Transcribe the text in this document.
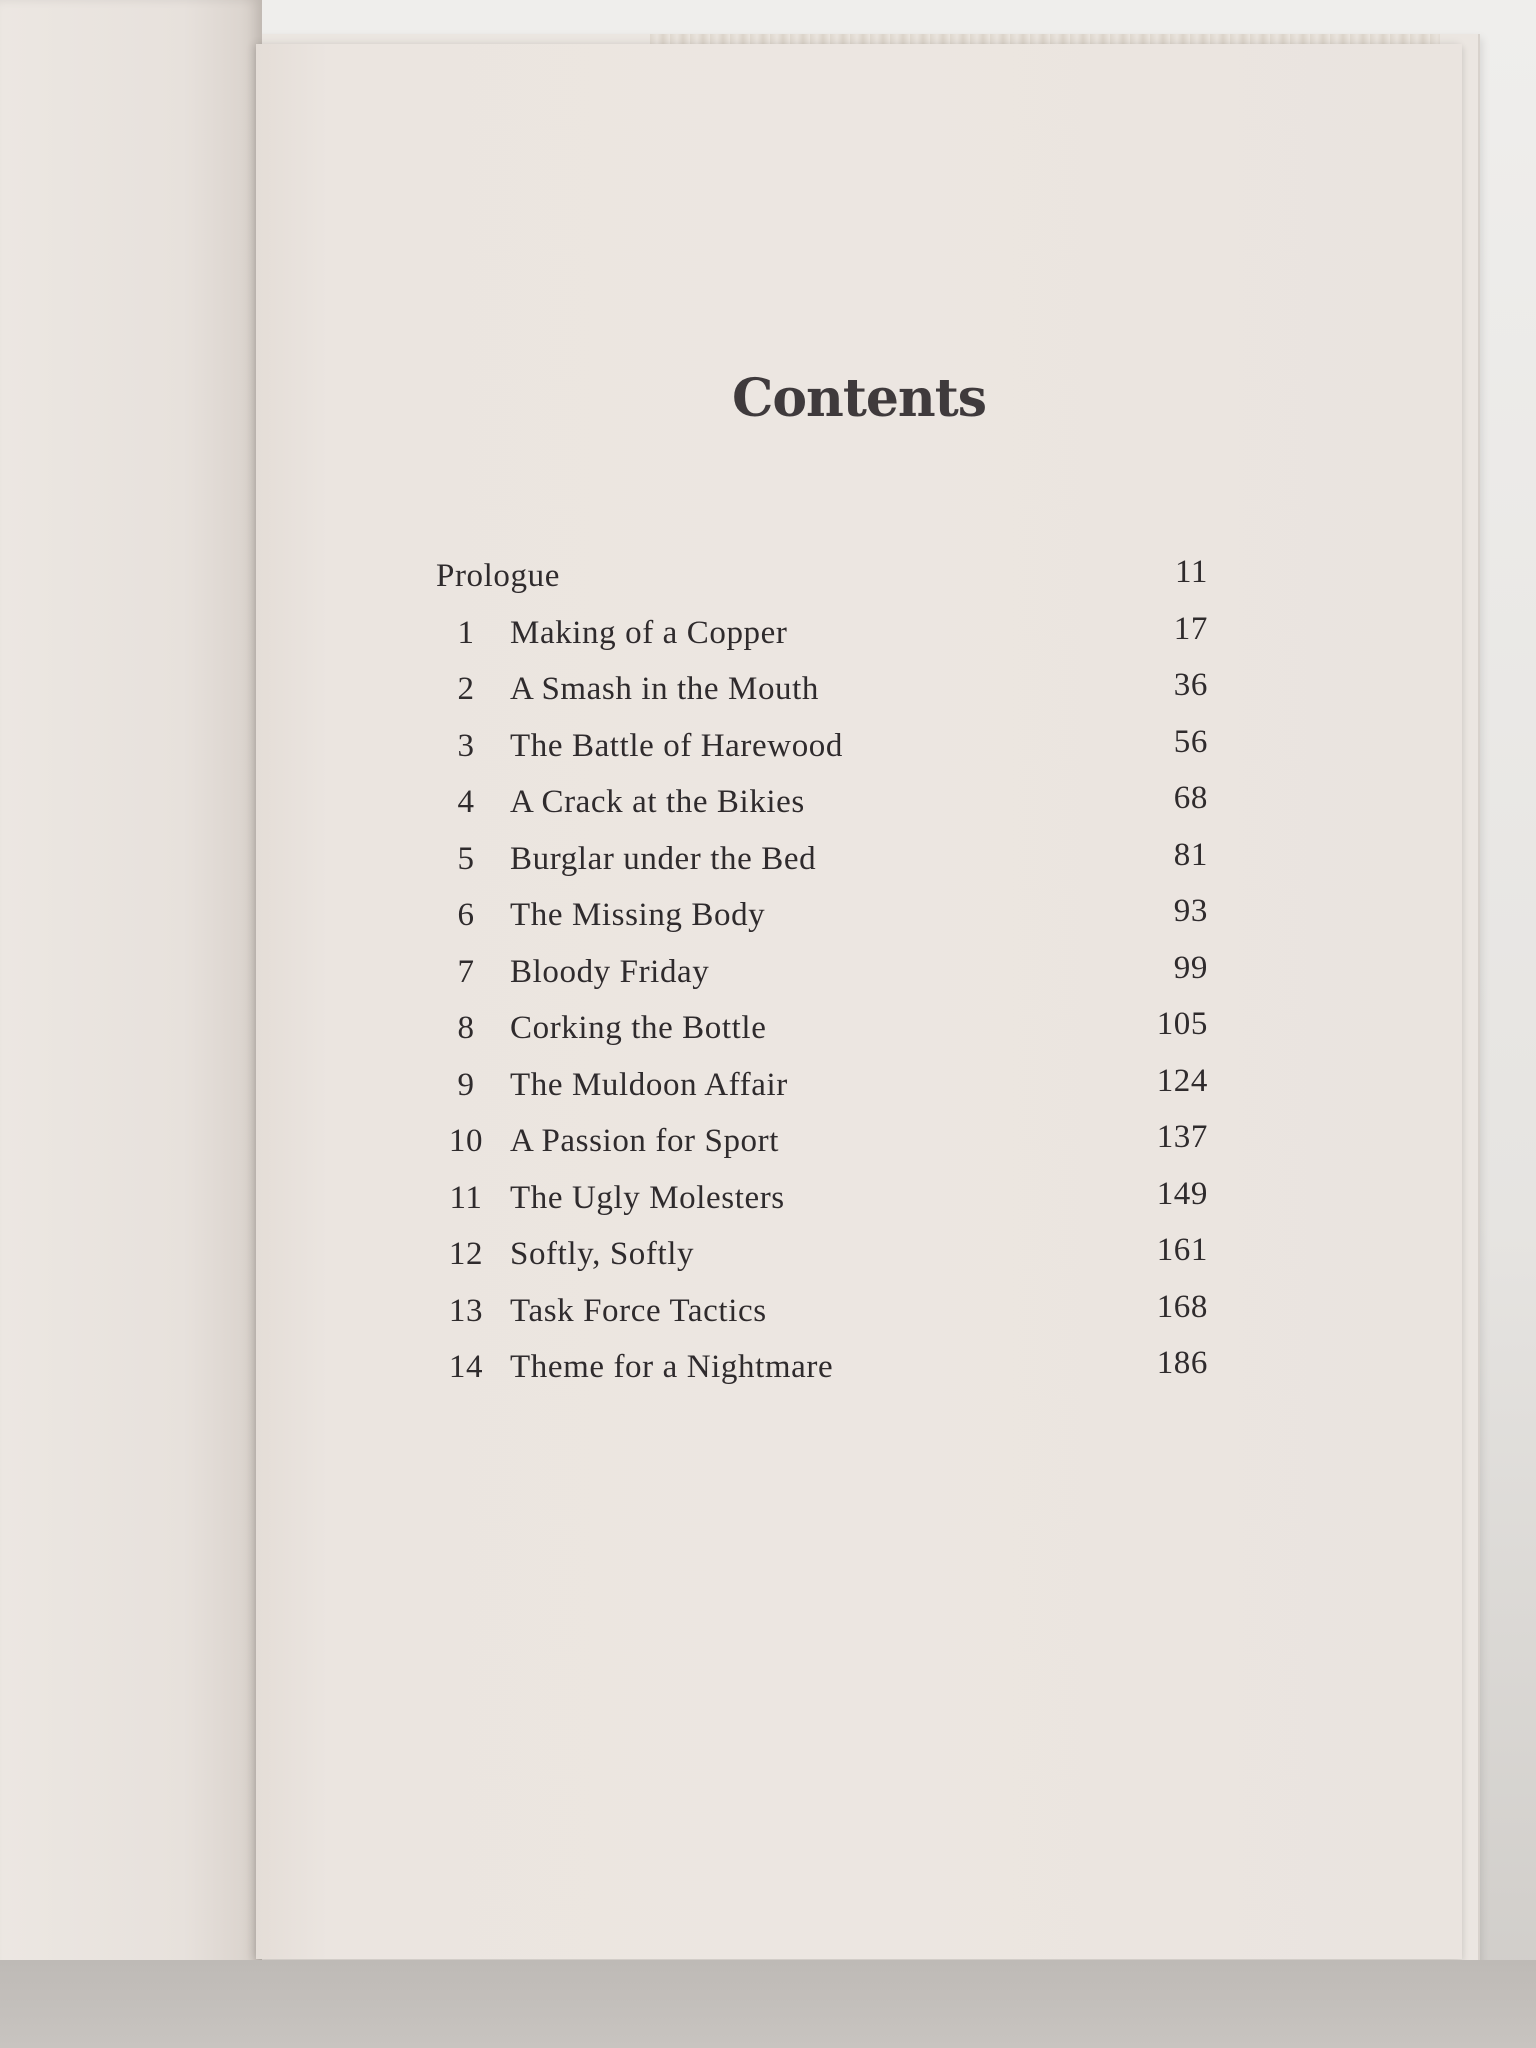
Contents
Prologue	11
1	Making of a Copper	17
2	A Smash in the Mouth	36
3	The Battle of Harewood	56
4	A Crack at the Bikies	68
5	Burglar under the Bed	81
6	The Missing Body	93
7	Bloody Friday	99
8	Corking the Bottle	105
9	The Muldoon Affair	124
10 A Passion for Sport	137
11 The Ugly Molesters	149
12 Softly, Softly	161
13 Task Force Tactics	168
14 Theme for a Nightmare	186
